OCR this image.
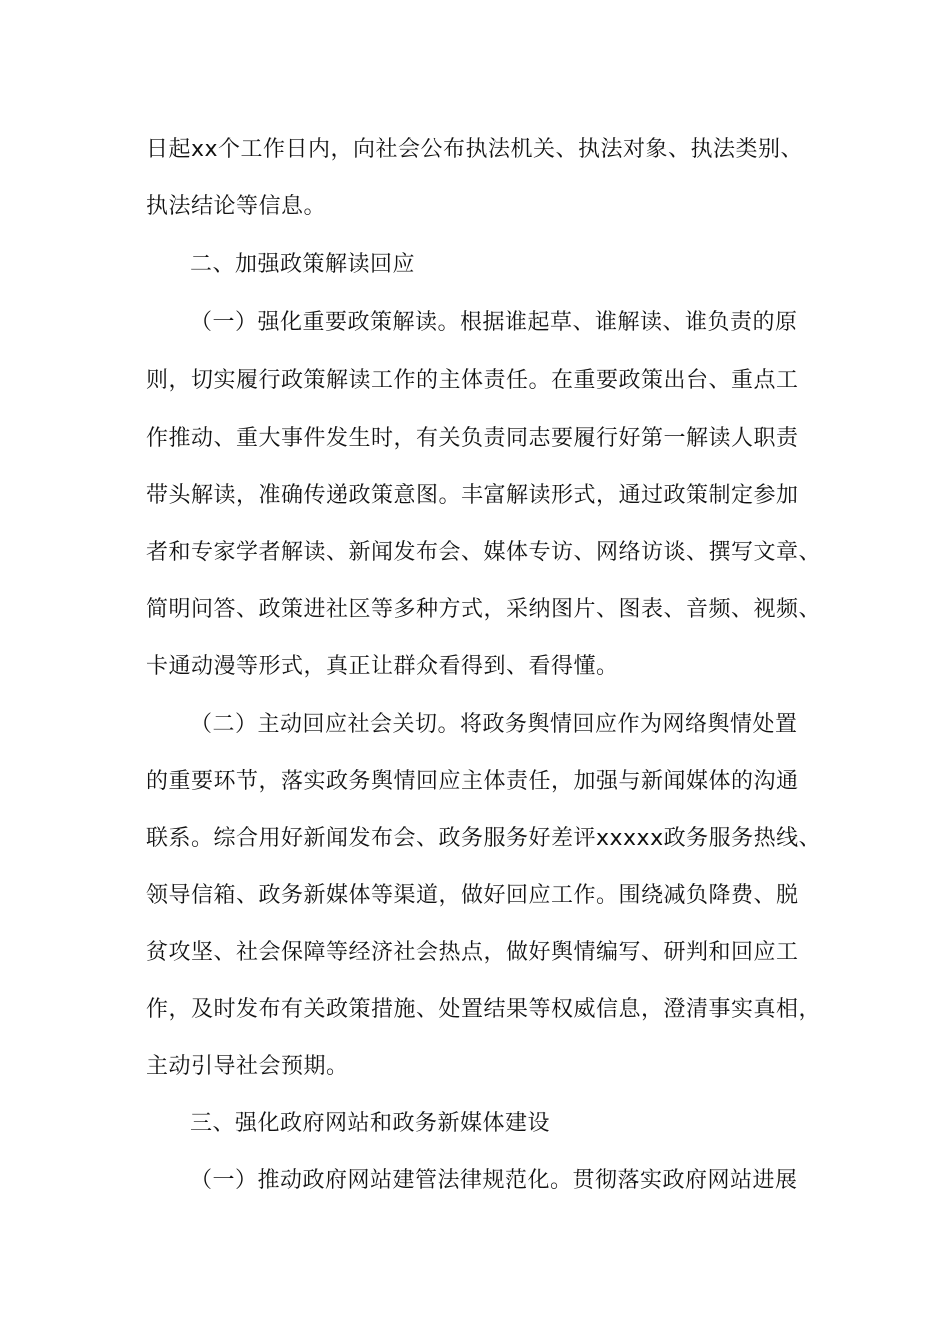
日起xx个工作日内，向社会公布执法机关、执法对象、执法类别、
执法结论等信息。
二、加强政策解读回应
（一）强化重要政策解读。根据谁起草、谁解读、谁负责的原
则，切实履行政策解读工作的主体责任。在重要政策出台、重点工
作推动、重大事件发生时，有关负责同志要履行好第一解读人职责
带头解读，准确传递政策意图。丰富解读形式，通过政策制定参加
者和专家学者解读、新闻发布会、媒体专访、网络访谈、撰写文章、
简明问答、政策进社区等多种方式，采纳图片、图表、音频、视频、
卡通动漫等形式，真正让群众看得到、看得懂。
（二）主动回应社会关切。将政务舆情回应作为网络舆情处置
的重要环节，落实政务舆情回应主体责任，加强与新闻媒体的沟通
联系。综合用好新闻发布会、政务服务好差评xxxxx政务服务热线、
领导信箱、政务新媒体等渠道，做好回应工作。围绕减负降费、脱
贫攻坚、社会保障等经济社会热点，做好舆情编写、研判和回应工
作，及时发布有关政策措施、处置结果等权威信息，澄清事实真相，
主动引导社会预期。
三、强化政府网站和政务新媒体建设
（一）推动政府网站建管法律规范化。贯彻落实政府网站进展
